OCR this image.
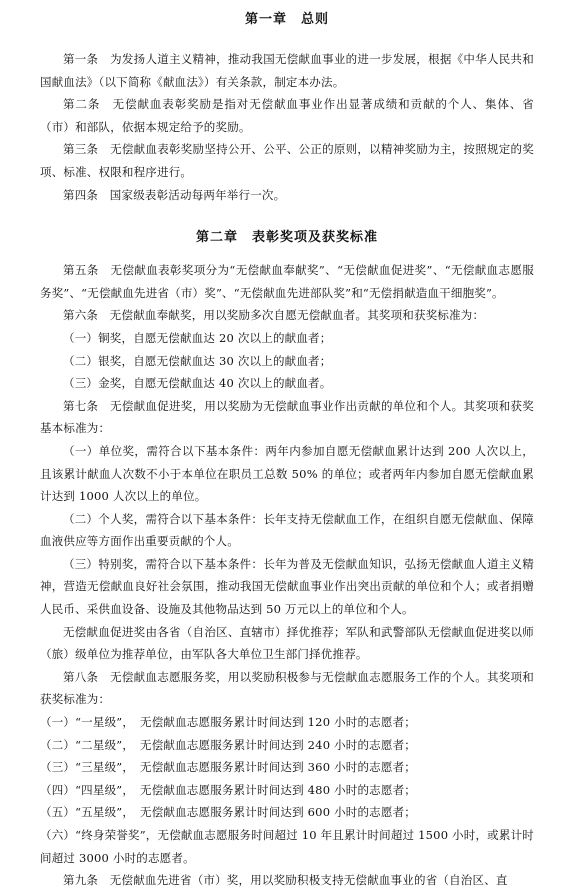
第一章　总则

第一条　为发扬人道主义精神，推动我国无偿献血事业的进一步发展，根据《中华人民共和国献血法》（以下简称《献血法》）有关条款，制定本办法。

第二条　无偿献血表彰奖励是指对无偿献血事业作出显著成绩和贡献的个人、集体、省（市）和部队，依据本规定给予的奖励。

第三条　无偿献血表彰奖励坚持公开、公平、公正的原则，以精神奖励为主，按照规定的奖项、标准、权限和程序进行。

第四条　国家级表彰活动每两年举行一次。

第二章　表彰奖项及获奖标准

第五条　无偿献血表彰奖项分为“无偿献血奉献奖”、“无偿献血促进奖”、“无偿献血志愿服务奖”、“无偿献血先进省（市）奖”、“无偿献血先进部队奖”和“无偿捐献造血干细胞奖”。

第六条　无偿献血奉献奖，用以奖励多次自愿无偿献血者。其奖项和获奖标准为：

（一）铜奖，自愿无偿献血达 20 次以上的献血者；

（二）银奖，自愿无偿献血达 30 次以上的献血者；

（三）金奖，自愿无偿献血达 40 次以上的献血者。

第七条　无偿献血促进奖，用以奖励为无偿献血事业作出贡献的单位和个人。其奖项和获奖基本标准为：

（一）单位奖，需符合以下基本条件：两年内参加自愿无偿献血累计达到 200 人次以上，且该累计献血人次数不小于本单位在职员工总数 50% 的单位；或者两年内参加自愿无偿献血累计达到 1000 人次以上的单位。

（二）个人奖，需符合以下基本条件：长年支持无偿献血工作，在组织自愿无偿献血、保障血液供应等方面作出重要贡献的个人。

（三）特别奖，需符合以下基本条件：长年为普及无偿献血知识，弘扬无偿献血人道主义精神，营造无偿献血良好社会氛围，推动我国无偿献血事业作出突出贡献的单位和个人；或者捐赠人民币、采供血设备、设施及其他物品达到 50 万元以上的单位和个人。

无偿献血促进奖由各省（自治区、直辖市）择优推荐；军队和武警部队无偿献血促进奖以师（旅）级单位为推荐单位，由军队各大单位卫生部门择优推荐。

第八条　无偿献血志愿服务奖，用以奖励积极参与无偿献血志愿服务工作的个人。其奖项和获奖标准为：

（一）“一星级”，　无偿献血志愿服务累计时间达到 120 小时的志愿者；

（二）“二星级”，　无偿献血志愿服务累计时间达到 240 小时的志愿者；

（三）“三星级”，　无偿献血志愿服务累计时间达到 360 小时的志愿者；

（四）“四星级”，　无偿献血志愿服务累计时间达到 480 小时的志愿者；

（五）“五星级”，　无偿献血志愿服务累计时间达到 600 小时的志愿者；

（六）“终身荣誉奖”，无偿献血志愿服务时间超过 10 年且累计时间超过 1500 小时，或累计时间超过 3000 小时的志愿者。

第九条　无偿献血先进省（市）奖，用以奖励积极支持无偿献血事业的省（自治区、直
